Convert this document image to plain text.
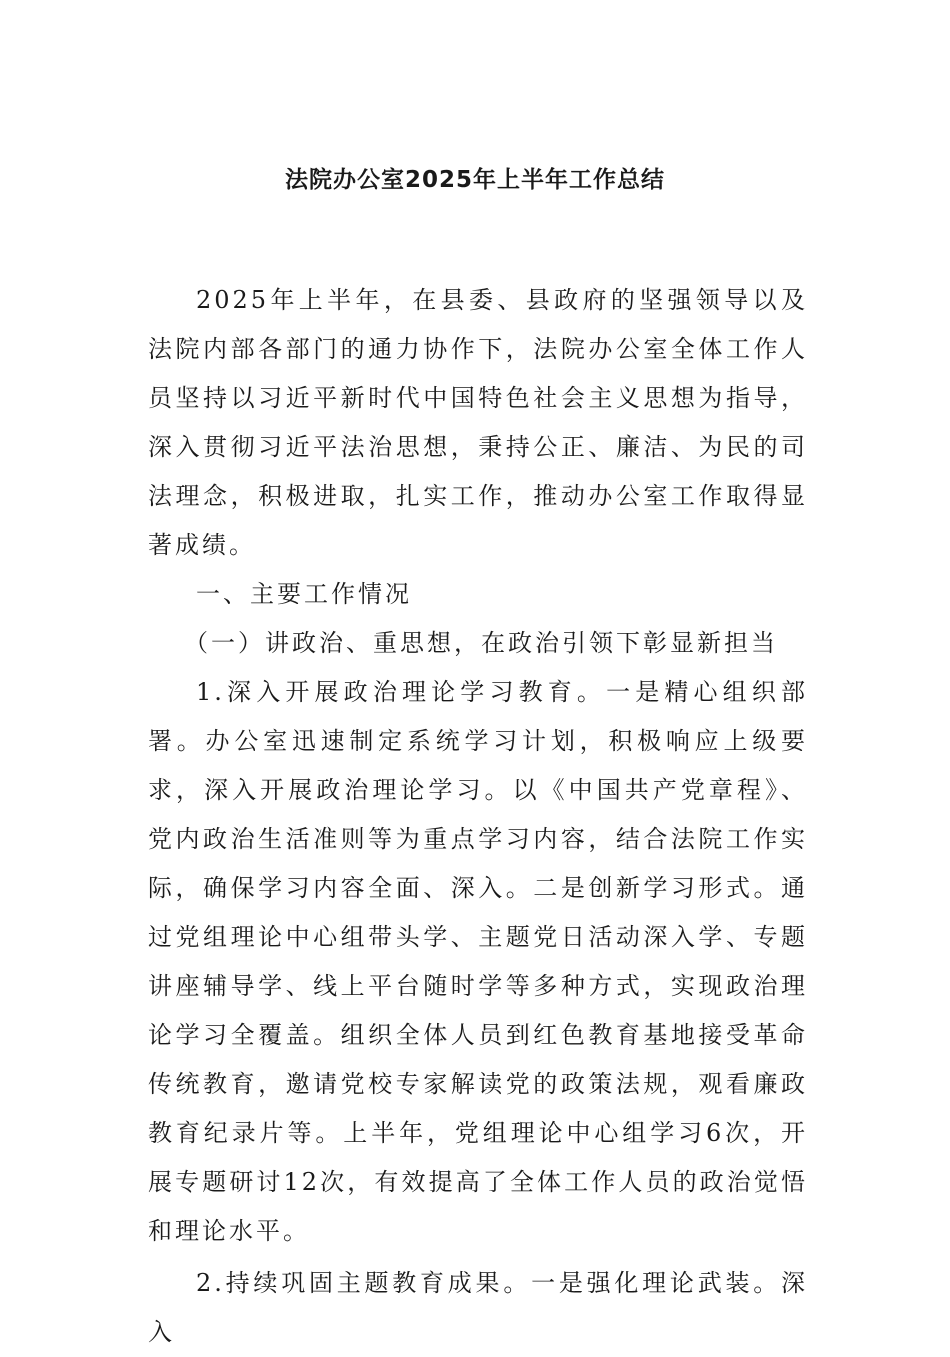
法院办公室2025年上半年工作总结

2025年上半年，在县委、县政府的坚强领导以及法院内部各部门的通力协作下，法院办公室全体工作人员坚持以习近平新时代中国特色社会主义思想为指导，深入贯彻习近平法治思想，秉持公正、廉洁、为民的司法理念，积极进取，扎实工作，推动办公室工作取得显著成绩。

一、主要工作情况

（一）讲政治、重思想，在政治引领下彰显新担当

1.深入开展政治理论学习教育。一是精心组织部署。办公室迅速制定系统学习计划，积极响应上级要求，深入开展政治理论学习。以《中国共产党章程》、党内政治生活准则等为重点学习内容，结合法院工作实际，确保学习内容全面、深入。二是创新学习形式。通过党组理论中心组带头学、主题党日活动深入学、专题讲座辅导学、线上平台随时学等多种方式，实现政治理论学习全覆盖。组织全体人员到红色教育基地接受革命传统教育，邀请党校专家解读党的政策法规，观看廉政教育纪录片等。上半年，党组理论中心组学习6次，开展专题研讨12次，有效提高了全体工作人员的政治觉悟和理论水平。

2.持续巩固主题教育成果。一是强化理论武装。深入
